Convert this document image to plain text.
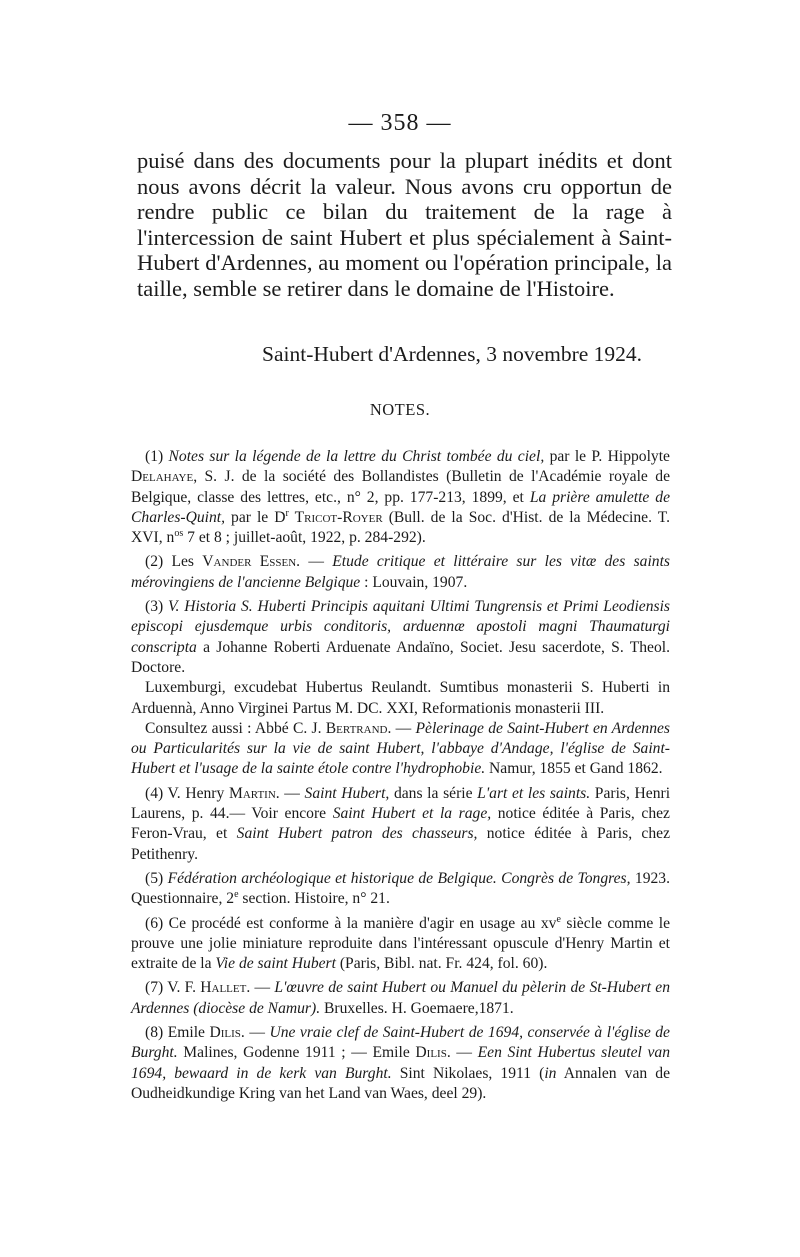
— 358 —

puisé dans des documents pour la plupart inédits et dont nous avons décrit la valeur. Nous avons cru opportun de rendre public ce bilan du traitement de la rage à l'intercession de saint Hubert et plus spécialement à Saint-Hubert d'Ardennes, au moment ou l'opération principale, la taille, semble se retirer dans le domaine de l'Histoire.

Saint-Hubert d'Ardennes, 3 novembre 1924.
NOTES.

(1) Notes sur la légende de la lettre du Christ tombée du ciel, par le P. Hippolyte Delahaye, S. J. de la société des Bollandistes (Bulletin de l'Académie royale de Belgique, classe des lettres, etc., n° 2, pp. 177-213, 1899, et La prière amulette de Charles-Quint, par le $D^r$ Tricot-Royer (Bull. de la Soc. d'Hist. de la Médecine. T. XVI, $n^{os}$ 7 et 8 ; juillet-août, 1922, p. 284-292).

(2) Les Vander Essen. — Etude critique et littéraire sur les vitæ des saints mérovingiens de l'ancienne Belgique : Louvain, 1907.

(3) V. Historia S. Huberti Principis aquitani Ultimi Tungrensis et Primi Leodiensis episcopi ejusdemque urbis conditoris, arduennæ apostoli magni Thaumaturgi conscripta a Johanne Roberti Arduenate Andaïno, Societ. Jesu sacerdote, S. Theol. Doctore.

Luxemburgi, excudebat Hubertus Reulandt. Sumtibus monasterii S. Huberti in Arduennà, Anno Virginei Partus M. DC. XXI, Reformationis monasterii III.

Consultez aussi : Abbé C. J. Bertrand. — Pèlerinage de Saint-Hubert en Ardennes ou Particularités sur la vie de saint Hubert, l'abbaye d'Andage, l'église de Saint-Hubert et l'usage de la sainte étole contre l'hydrophobie. Namur, 1855 et Gand 1862.

(4) V. Henry Martin. — Saint Hubert, dans la série L'art et les saints. Paris, Henri Laurens, p. 44.— Voir encore Saint Hubert et la rage, notice éditée à Paris, chez Feron-Vrau, et Saint Hubert patron des chasseurs, notice éditée à Paris, chez Petithenry.

(5) Fédération archéologique et historique de Belgique. Congrès de Tongres, 1923. Questionnaire, 2e section. Histoire, n° 21.

(6) Ce procédé est conforme à la manière d'agir en usage au $xv^e$ siècle comme le prouve une jolie miniature reproduite dans l'intéressant opuscule d'Henry Martin et extraite de la Vie de saint Hubert (Paris, Bibl. nat. Fr. 424, fol. 60).

(7) V. F. Hallet. — L'œuvre de saint Hubert ou Manuel du pèlerin de St-Hubert en Ardennes (diocèse de Namur). Bruxelles. H. Goemaere,1871.

(8) Emile Dilis. — Une vraie clef de Saint-Hubert de 1694, conservée à l'église de Burght. Malines, Godenne 1911 ; — Emile Dilis. — Een Sint Hubertus sleutel van 1694, bewaard in de kerk van Burght. Sint Nikolaes, 1911 (in Annalen van de Oudheidkundige Kring van het Land van Waes, deel 29).
